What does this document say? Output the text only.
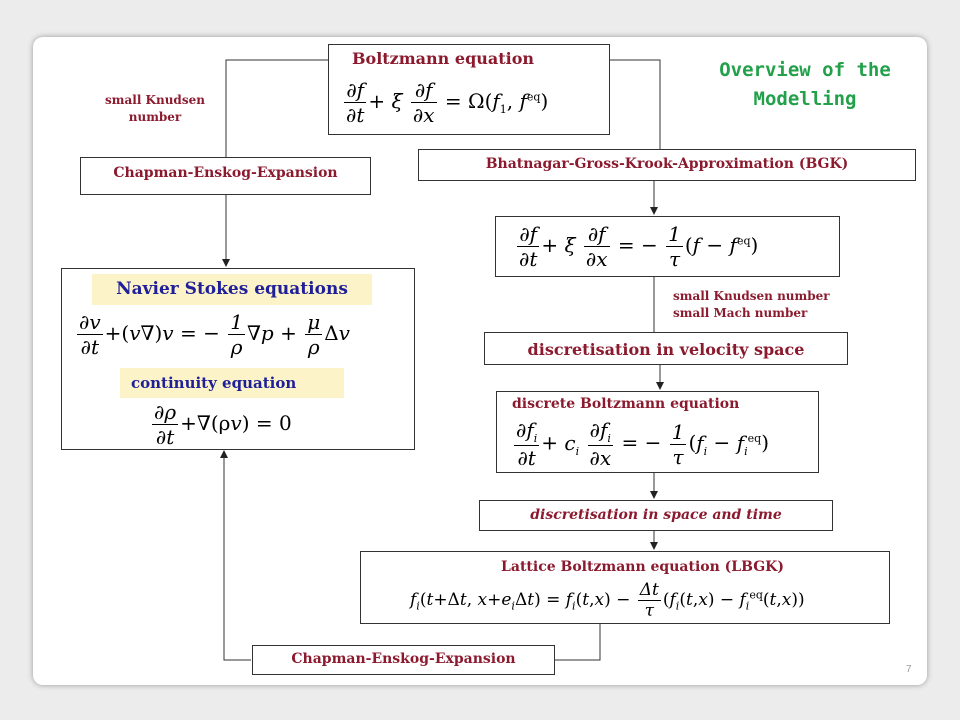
Overview of the Modelling
Boltzmann equation
$\frac{\partial f}{\partial t} + \xi \frac{\partial f}{\partial x} = \Omega(f_1$, $f^{eq}$)
small Knudsen number
Chapman-Enskog-Expansion
Bhatnagar-Gross-Krook-Approximation (BGK)
$\frac{\partial f}{\partial t} + \xi \frac{\partial f}{\partial x}$ = − $\frac{1}{\tau} (f - f^{eq})$
Navier Stokes equations
$\frac{\partial v}{\partial t} +(v\nabla)v$ = − $\frac{1}{\rho} \nabla p + \frac{\mu}{\rho}$ Δv
continuity equation
$\frac{\partial\rho}{\partial t} +\nabla(\rho v) = 0$
small Knudsen number
small Mach number
discretisation in velocity space
discrete Boltzmann equation
$\frac{\partial f_i}{\partial t} + c_i \frac{\partial f_i}{\partial x}$ = − $\frac{1}{\tau} (f_i - f_i^{eq})$
discretisation in space and time
Lattice Boltzmann equation (LBGK)
$f_i(t+\Delta t$, $x+e_i\Delta t) = f_i(t,x) - \frac{\Delta t}{\tau} (f_i(t,x) - f_i^{eq}(t,x))$
Chapman-Enskog-Expansion
7
